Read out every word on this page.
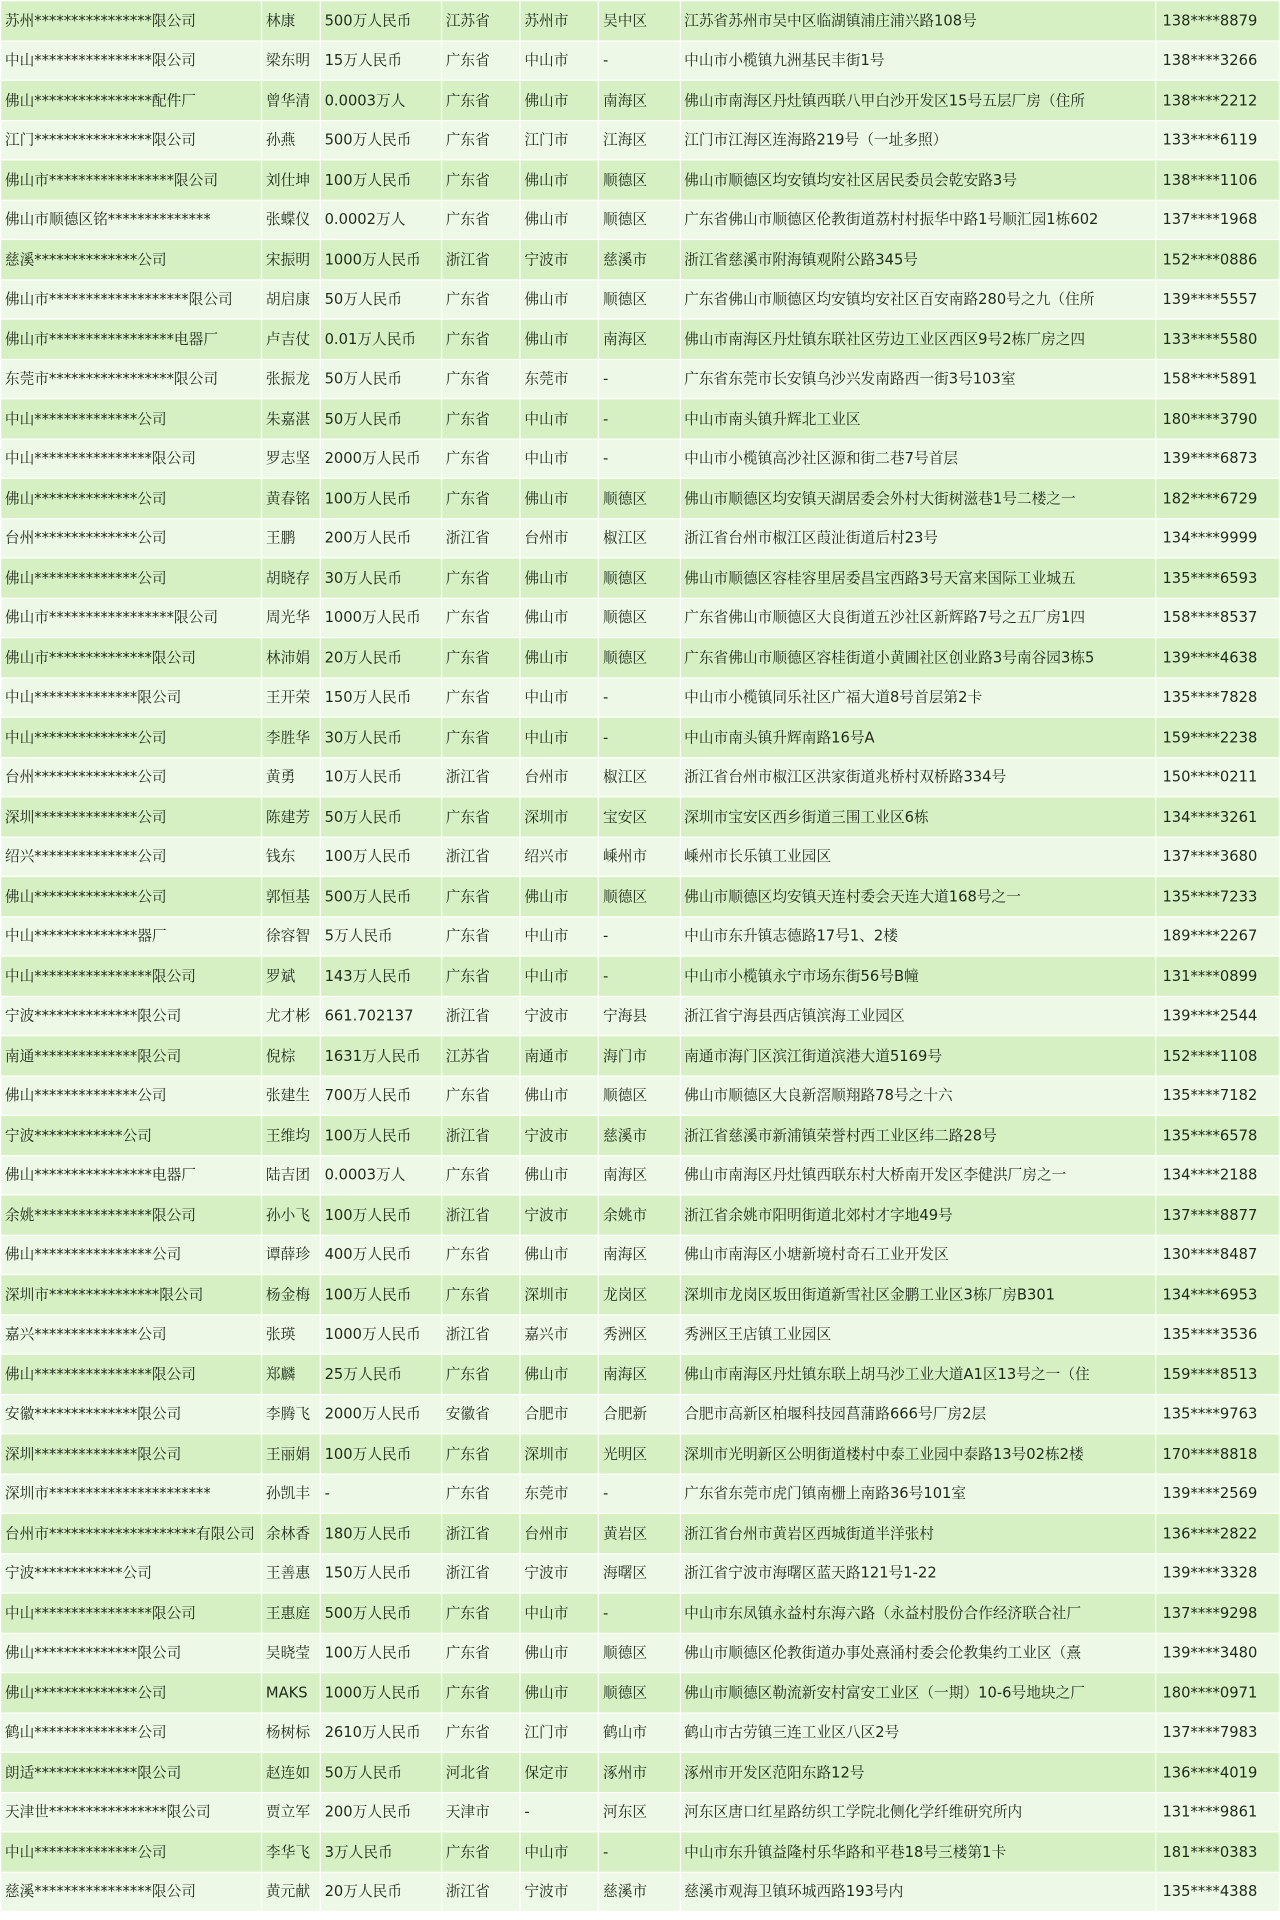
苏州****************限公司	林康	500万人民币	江苏省	苏州市	吴中区	江苏省苏州市吴中区临湖镇浦庄浦兴路108号	138****8879
中山****************限公司	梁东明	15万人民币	广东省	中山市	-	中山市小榄镇九洲基民丰街1号	138****3266
佛山****************配件厂	曾华清	0.0003万人	广东省	佛山市	南海区	佛山市南海区丹灶镇西联八甲白沙开发区15号五层厂房（住所	138****2212
江门****************限公司	孙燕	500万人民币	广东省	江门市	江海区	江门市江海区连海路219号（一址多照）	133****6119
佛山市*****************限公司	刘仕坤	100万人民币	广东省	佛山市	顺德区	佛山市顺德区均安镇均安社区居民委员会乾安路3号	138****1106
佛山市顺德区铭**************	张蝶仪	0.0002万人	广东省	佛山市	顺德区	广东省佛山市顺德区伦教街道荔村村振华中路1号顺汇园1栋602	137****1968
慈溪**************公司	宋振明	1000万人民币	浙江省	宁波市	慈溪市	浙江省慈溪市附海镇观附公路345号	152****0886
佛山市*******************限公司	胡启康	50万人民币	广东省	佛山市	顺德区	广东省佛山市顺德区均安镇均安社区百安南路280号之九（住所	139****5557
佛山市*****************电器厂	卢吉仗	0.01万人民币	广东省	佛山市	南海区	佛山市南海区丹灶镇东联社区劳边工业区西区9号2栋厂房之四	133****5580
东莞市*****************限公司	张振龙	50万人民币	广东省	东莞市	-	广东省东莞市长安镇乌沙兴发南路西一街3号103室	158****5891
中山**************公司	朱嘉湛	50万人民币	广东省	中山市	-	中山市南头镇升辉北工业区	180****3790
中山****************限公司	罗志坚	2000万人民币	广东省	中山市	-	中山市小榄镇高沙社区源和街二巷7号首层	139****6873
佛山**************公司	黄春铭	100万人民币	广东省	佛山市	顺德区	佛山市顺德区均安镇天湖居委会外村大街树滋巷1号二楼之一	182****6729
台州**************公司	王鹏	200万人民币	浙江省	台州市	椒江区	浙江省台州市椒江区葭沚街道后村23号	134****9999
佛山**************公司	胡晓存	30万人民币	广东省	佛山市	顺德区	佛山市顺德区容桂容里居委昌宝西路3号天富来国际工业城五	135****6593
佛山市*****************限公司	周光华	1000万人民币	广东省	佛山市	顺德区	广东省佛山市顺德区大良街道五沙社区新辉路7号之五厂房1四	158****8537
佛山市**************限公司	林沛娟	20万人民币	广东省	佛山市	顺德区	广东省佛山市顺德区容桂街道小黄圃社区创业路3号南谷园3栋5	139****4638
中山**************限公司	王开荣	150万人民币	广东省	中山市	-	中山市小榄镇同乐社区广福大道8号首层第2卡	135****7828
中山**************公司	李胜华	30万人民币	广东省	中山市	-	中山市南头镇升辉南路16号A	159****2238
台州**************公司	黄勇	10万人民币	浙江省	台州市	椒江区	浙江省台州市椒江区洪家街道兆桥村双桥路334号	150****0211
深圳**************公司	陈建芳	50万人民币	广东省	深圳市	宝安区	深圳市宝安区西乡街道三围工业区6栋	134****3261
绍兴**************公司	钱东	100万人民币	浙江省	绍兴市	嵊州市	嵊州市长乐镇工业园区	137****3680
佛山**************公司	郭恒基	500万人民币	广东省	佛山市	顺德区	佛山市顺德区均安镇天连村委会天连大道168号之一	135****7233
中山**************器厂	徐容智	5万人民币	广东省	中山市	-	中山市东升镇志德路17号1、2楼	189****2267
中山****************限公司	罗斌	143万人民币	广东省	中山市	-	中山市小榄镇永宁市场东街56号B幢	131****0899
宁波**************限公司	尤才彬	661.702137	浙江省	宁波市	宁海县	浙江省宁海县西店镇滨海工业园区	139****2544
南通**************限公司	倪棕	1631万人民币	江苏省	南通市	海门市	南通市海门区滨江街道滨港大道5169号	152****1108
佛山**************公司	张建生	700万人民币	广东省	佛山市	顺德区	佛山市顺德区大良新滘顺翔路78号之十六	135****7182
宁波************公司	王维均	100万人民币	浙江省	宁波市	慈溪市	浙江省慈溪市新浦镇荣誉村西工业区纬二路28号	135****6578
佛山****************电器厂	陆吉团	0.0003万人	广东省	佛山市	南海区	佛山市南海区丹灶镇西联东村大桥南开发区李健洪厂房之一	134****2188
余姚****************限公司	孙小飞	100万人民币	浙江省	宁波市	余姚市	浙江省余姚市阳明街道北郊村才字地49号	137****8877
佛山****************公司	谭薛珍	400万人民币	广东省	佛山市	南海区	佛山市南海区小塘新境村奇石工业开发区	130****8487
深圳市***************限公司	杨金梅	100万人民币	广东省	深圳市	龙岗区	深圳市龙岗区坂田街道新雪社区金鹏工业区3栋厂房B301	134****6953
嘉兴**************公司	张瑛	1000万人民币	浙江省	嘉兴市	秀洲区	秀洲区王店镇工业园区	135****3536
佛山****************限公司	郑麟	25万人民币	广东省	佛山市	南海区	佛山市南海区丹灶镇东联上胡马沙工业大道A1区13号之一（住	159****8513
安徽**************限公司	李腾飞	2000万人民币	安徽省	合肥市	合肥新	合肥市高新区柏堰科技园菖蒲路666号厂房2层	135****9763
深圳**************限公司	王丽娟	100万人民币	广东省	深圳市	光明区	深圳市光明新区公明街道楼村中泰工业园中泰路13号02栋2楼	170****8818
深圳市**********************	孙凯丰	-	广东省	东莞市	-	广东省东莞市虎门镇南栅上南路36号101室	139****2569
台州市********************有限公司	余林香	180万人民币	浙江省	台州市	黄岩区	浙江省台州市黄岩区西城街道半洋张村	136****2822
宁波************公司	王善惠	150万人民币	浙江省	宁波市	海曙区	浙江省宁波市海曙区蓝天路121号1-22	139****3328
中山****************限公司	王惠庭	500万人民币	广东省	中山市	-	中山市东凤镇永益村东海六路（永益村股份合作经济联合社厂	137****9298
佛山**************限公司	吴晓莹	100万人民币	广东省	佛山市	顺德区	佛山市顺德区伦教街道办事处熹涌村委会伦教集约工业区（熹	139****3480
佛山**************公司	MAKS	1000万人民币	广东省	佛山市	顺德区	佛山市顺德区勒流新安村富安工业区（一期）10-6号地块之厂	180****0971
鹤山**************公司	杨树标	2610万人民币	广东省	江门市	鹤山市	鹤山市古劳镇三连工业区八区2号	137****7983
朗适**************限公司	赵连如	50万人民币	河北省	保定市	涿州市	涿州市开发区范阳东路12号	136****4019
天津世****************限公司	贾立军	200万人民币	天津市	-	河东区	河东区唐口红星路纺织工学院北侧化学纤维研究所内	131****9861
中山**************公司	李华飞	3万人民币	广东省	中山市	-	中山市东升镇益隆村乐华路和平巷18号三楼第1卡	181****0383
慈溪****************限公司	黄元献	20万人民币	浙江省	宁波市	慈溪市	慈溪市观海卫镇环城西路193号内	135****4388
